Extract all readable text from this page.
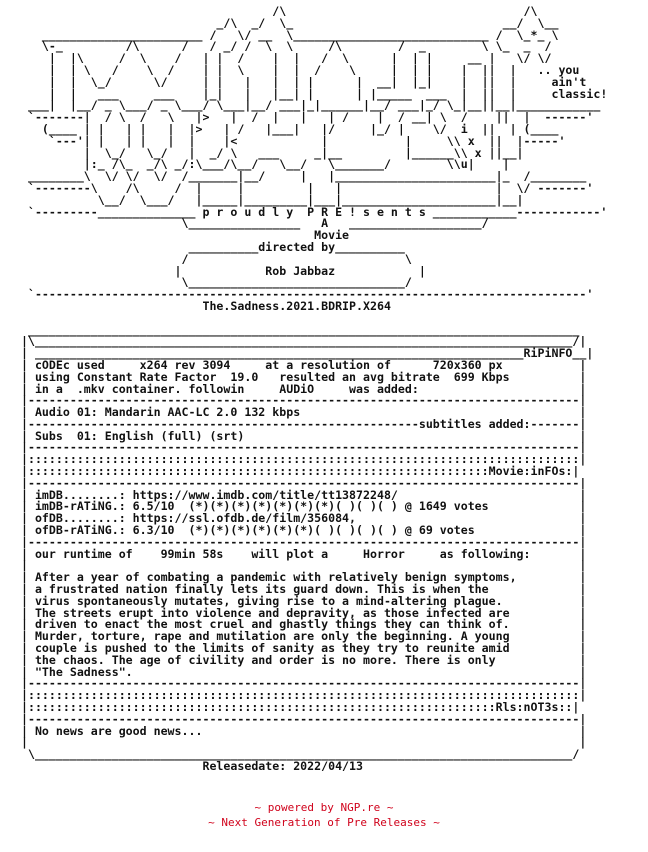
/\                                  /\
_/\  _/  \_                              __/  \__
_______________________ /   \/ __  \____________________________ /  \_*_ \
\-_         /\      /   / _/ /  \  \     /\        /  _        \ \_  _  /
|  |\     /  \    /   | |  /    |  |   /  \      |  | |     __ |   \/ \/
|  | \   /    \  /    | |  \    |  |  /    \     |  | |    |  ||  |   .. you
|  |  \_/      \/     | |   |   |  | |      |  __|  |_|    |  ||  |     ain't
|  |   ___     ___    |_|   |   |__| |      | |_____  ___  |  ||  |     classic!
___|  |__/ _ \___/ _ \___/ \___|__/ ___|_|______|__/ ___|_/ \_|__||__|____________
`-------|  / \  /   \   |>   |  /  |   |   | /    |  / __| \  /    ||  |  ------'
(____ | |   | |   |  |>   | /   |___|   |/     |_/ |    \/  i  ||  | (____
`---'| |   | |   |  |    |<            |           |     \\ x  ||  |-----'
|  \_/   \_/   |  _/ \   ___     _|__         |______\\ x ||__|
|:_ /\_  _/\ _/:\___/\__/   \__/   \_______/        \\u|    |
________\  \/ \/  \/  /_______|__/     |   |_______________________|_  /________
`--------\    /\     /  |     |         |   |                      |  \/ -------'
\__/  \___/   |_____|_________|___|______________________|__|
`---------______________ p r o u d l y  P R E ! s e n t s ____________------------'
\________________   A   ___________________/
Movie
__________directed by__________
/                               \
|            Rob Jabbaz            |
\_______________________________/
`-------------------------------------------------------------------------------'
The.Sadness.2021.BDRIP.X264

_______________________________________________________________________________
|\_____________________________________________________________________________/|
| ______________________________________________________________________RiPiNFO__|
| cODEc used     x264 rev 3094     at a resolution of      720x360 px           |
| using Constant Rate Factor  19.0   resulted an avg bitrate  699 Kbps          |
| in a  .mkv container. followin     AUDiO     was added:                       |
|-------------------------------------------------------------------------------|
| Audio 01: Mandarin AAC-LC 2.0 132 kbps                                        |
|--------------------------------------------------------subtitles added:-------|
| Subs  01: English (full) (srt)                                                |
|-------------------------------------------------------------------------------|
|:::::::::::::::::::::::::::::::::::::::::::::::::::::::::::::::::::::::::::::::|
|::::::::::::::::::::::::::::::::::::::::::::::::::::::::::::::::::Movie:inFOs:|
|-------------------------------------------------------------------------------|
| imDB........: https://www.imdb.com/title/tt13872248/                          |
| imDB-rATiNG.: 6.5/10  (*)(*)(*)(*)(*)(*)(*)( )( )( ) @ 1649 votes             |
| ofDB........: https://ssl.ofdb.de/film/356084,                                |
| ofDB-rATiNG.: 6.3/10  (*)(*)(*)(*)(*)(*)( )( )( )( ) @ 69 votes               |
|-------------------------------------------------------------------------------|
| our runtime of    99min 58s    will plot a     Horror     as following:       |
|                                                                               |
| After a year of combating a pandemic with relatively benign symptoms,         |
| a frustrated nation finally lets its guard down. This is when the             |
| virus spontaneously mutates, giving rise to a mind-altering plague.           |
| The streets erupt into violence and depravity, as those infected are          |
| driven to enact the most cruel and ghastly things they can think of.          |
| Murder, torture, rape and mutilation are only the beginning. A young          |
| couple is pushed to the limits of sanity as they try to reunite amid          |
| the chaos. The age of civility and order is no more. There is only            |
| "The Sadness".                                                                |
|-------------------------------------------------------------------------------|
|:::::::::::::::::::::::::::::::::::::::::::::::::::::::::::::::::::::::::::::::|
|:::::::::::::::::::::::::::::::::::::::::::::::::::::::::::::::::::Rls:nOT3s::|
|-------------------------------------------------------------------------------|
| No news are good news...                                                      |
|                                                                               |
\_____________________________________________________________________________/
Releasedate: 2022/04/13

~ powered by NGP.re ~
~ Next Generation of Pre Releases ~
